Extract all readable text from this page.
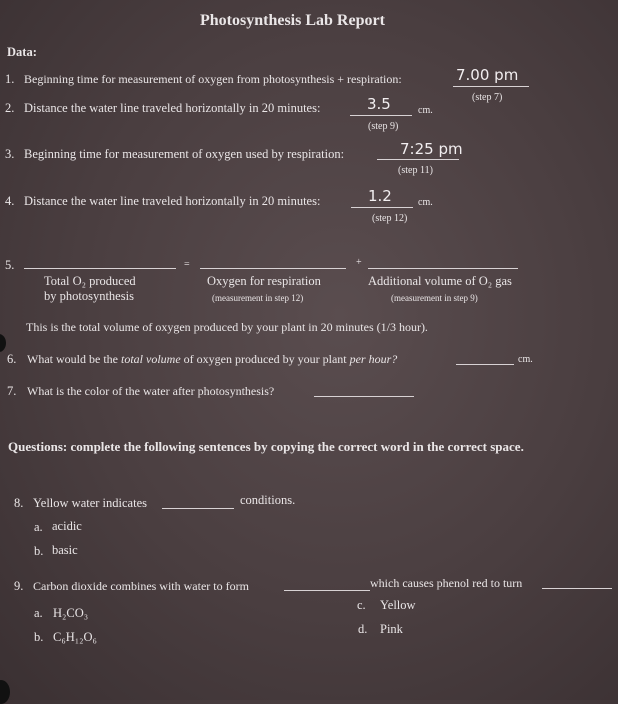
Photosynthesis Lab Report
Data:
1. Beginning time for measurement of oxygen from photosynthesis + respiration:	7.00 pm
(step 7)
2. Distance the water line traveled horizontally in 20 minutes:	3.5	cm.
(step 9)
3. Beginning time for measurement of oxygen used by respiration:	7:25 pm
(step 11)
4. Distance the water line traveled horizontally in 20 minutes:	1.2	cm.
(step 12)
5.	=	+
Total O₂ produced
by photosynthesis
Oxygen for respiration
(measurement in step 12)
Additional volume of O₂ gas
(measurement in step 9)
This is the total volume of oxygen produced by your plant in 20 minutes (1/3 hour).
6. What would be the total volume of oxygen produced by your plant per hour?	cm.
7. What is the color of the water after photosynthesis?
Questions: complete the following sentences by copying the correct word in the correct space.
8. Yellow water indicates	conditions.
a. acidic
b. basic
9. Carbon dioxide combines with water to form	which causes phenol red to turn
a. H₂CO₃
b. C₆H₁₂O₆
c. Yellow
d. Pink
